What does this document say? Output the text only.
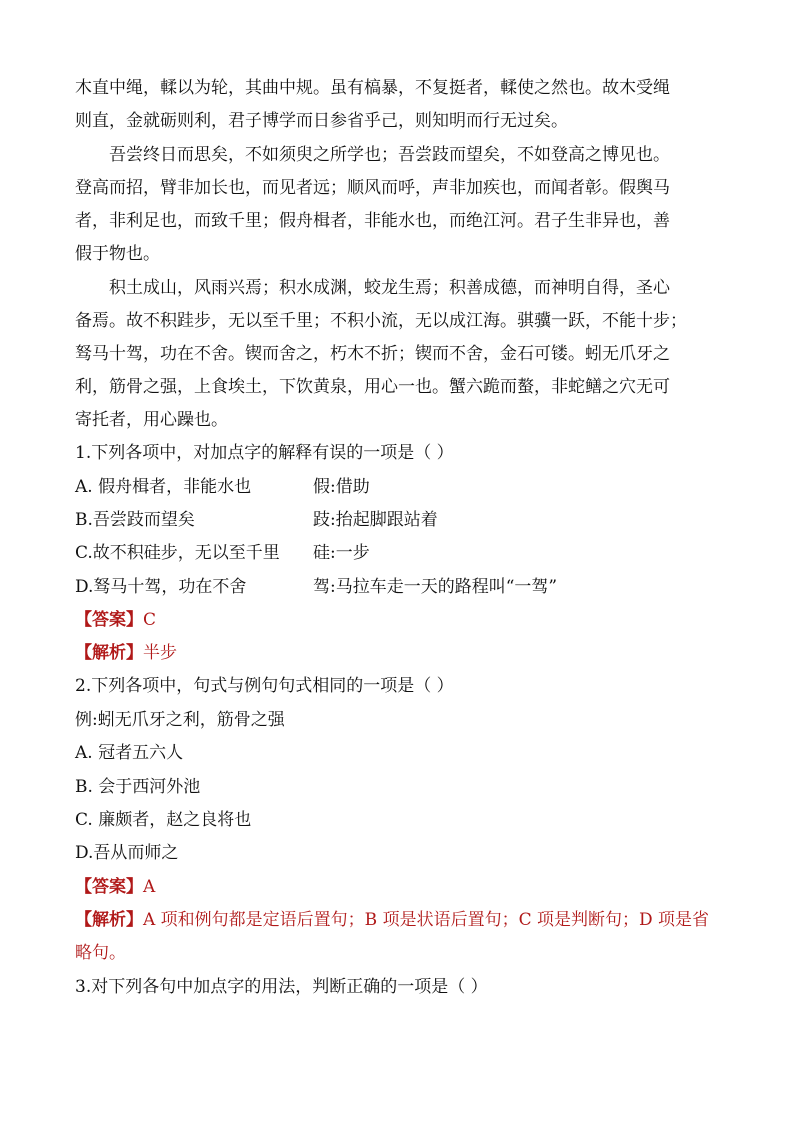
木直中绳，輮以为轮，其曲中规。虽有槁暴，不复挺者，輮使之然也。故木受绳
则直，金就砺则利，君子博学而日参省乎己，则知明而行无过矣。
吾尝终日而思矣，不如须臾之所学也；吾尝跂而望矣，不如登高之博见也。
登高而招，臂非加长也，而见者远；顺风而呼，声非加疾也，而闻者彰。假舆马
者，非利足也，而致千里；假舟楫者，非能水也，而绝江河。君子生非异也，善
假于物也。
积土成山，风雨兴焉；积水成渊，蛟龙生焉；积善成德，而神明自得，圣心
备焉。故不积跬步，无以至千里；不积小流，无以成江海。骐骥一跃，不能十步；
驽马十驾，功在不舍。锲而舍之，朽木不折；锲而不舍，金石可镂。蚓无爪牙之
利，筋骨之强，上食埃土，下饮黄泉，用心一也。蟹六跪而螯，非蛇鳝之穴无可
寄托者，用心躁也。
1.下列各项中，对加点字的解释有误的一项是（ ）
A. 假舟楫者，非能水也	假:借助
B.吾尝跂而望矣	跂:抬起脚跟站着
C.故不积硅步，无以至千里 硅:一步
D.驽马十驾，功在不舍	驾:马拉车走一天的路程叫“一驾”
【答案】C
【解析】半步
2.下列各项中，句式与例句句式相同的一项是（ ）
例:蚓无爪牙之利，筋骨之强
A. 冠者五六人
B. 会于西河外池
C. 廉颇者，赵之良将也
D.吾从而师之
【答案】A
【解析】A 项和例句都是定语后置句；B 项是状语后置句；C 项是判断句；D 项是省
略句。
3.对下列各句中加点字的用法，判断正确的一项是（ ）
